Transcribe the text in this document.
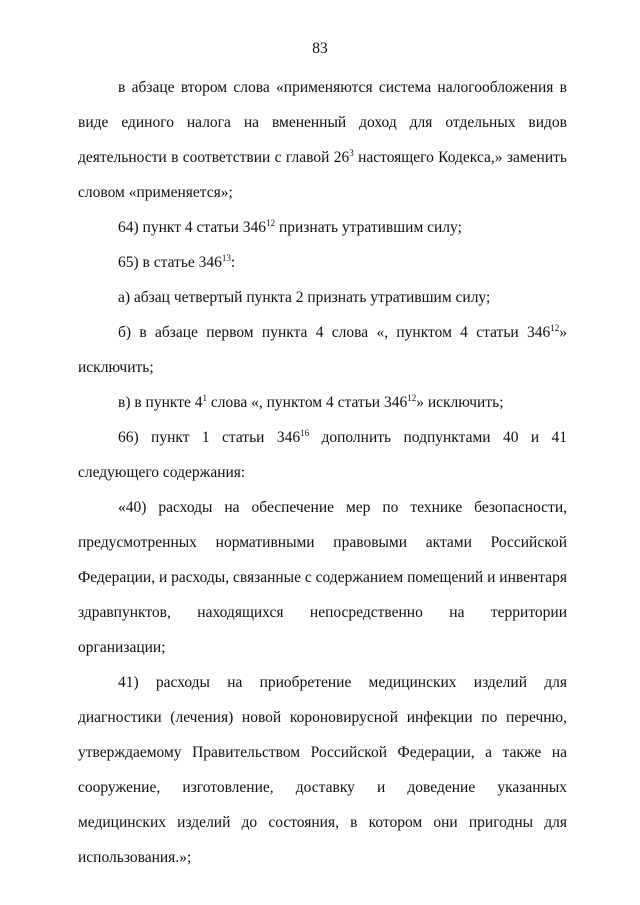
83

в абзаце втором слова «применяются система налогообложения в виде единого налога на вмененный доход для отдельных видов деятельности в соответствии с главой $26^3$ настоящего Кодекса,» заменить словом «применяется»;

64) пункт 4 статьи $346^{12}$ признать утратившим силу;

65) в статье $346^{13}$:

а) абзац четвертый пункта 2 признать утратившим силу;

б) в абзаце первом пункта 4 слова «, пунктом 4 статьи $346^{12}$» исключить;

в) в пункте $4^1$ слова «, пунктом 4 статьи $346^{12}$» исключить;

66) пункт 1 статьи $346^{16}$ дополнить подпунктами 40 и 41 следующего содержания:

«40) расходы на обеспечение мер по технике безопасности, предусмотренных нормативными правовыми актами Российской Федерации, и расходы, связанные с содержанием помещений и инвентаря здравпунктов, находящихся непосредственно на территории организации;

41) расходы на приобретение медицинских изделий для диагностики (лечения) новой короновирусной инфекции по перечню, утверждаемому Правительством Российской Федерации, а также на сооружение, изготовление, доставку и доведение указанных медицинских изделий до состояния, в котором они пригодны для использования.»;
